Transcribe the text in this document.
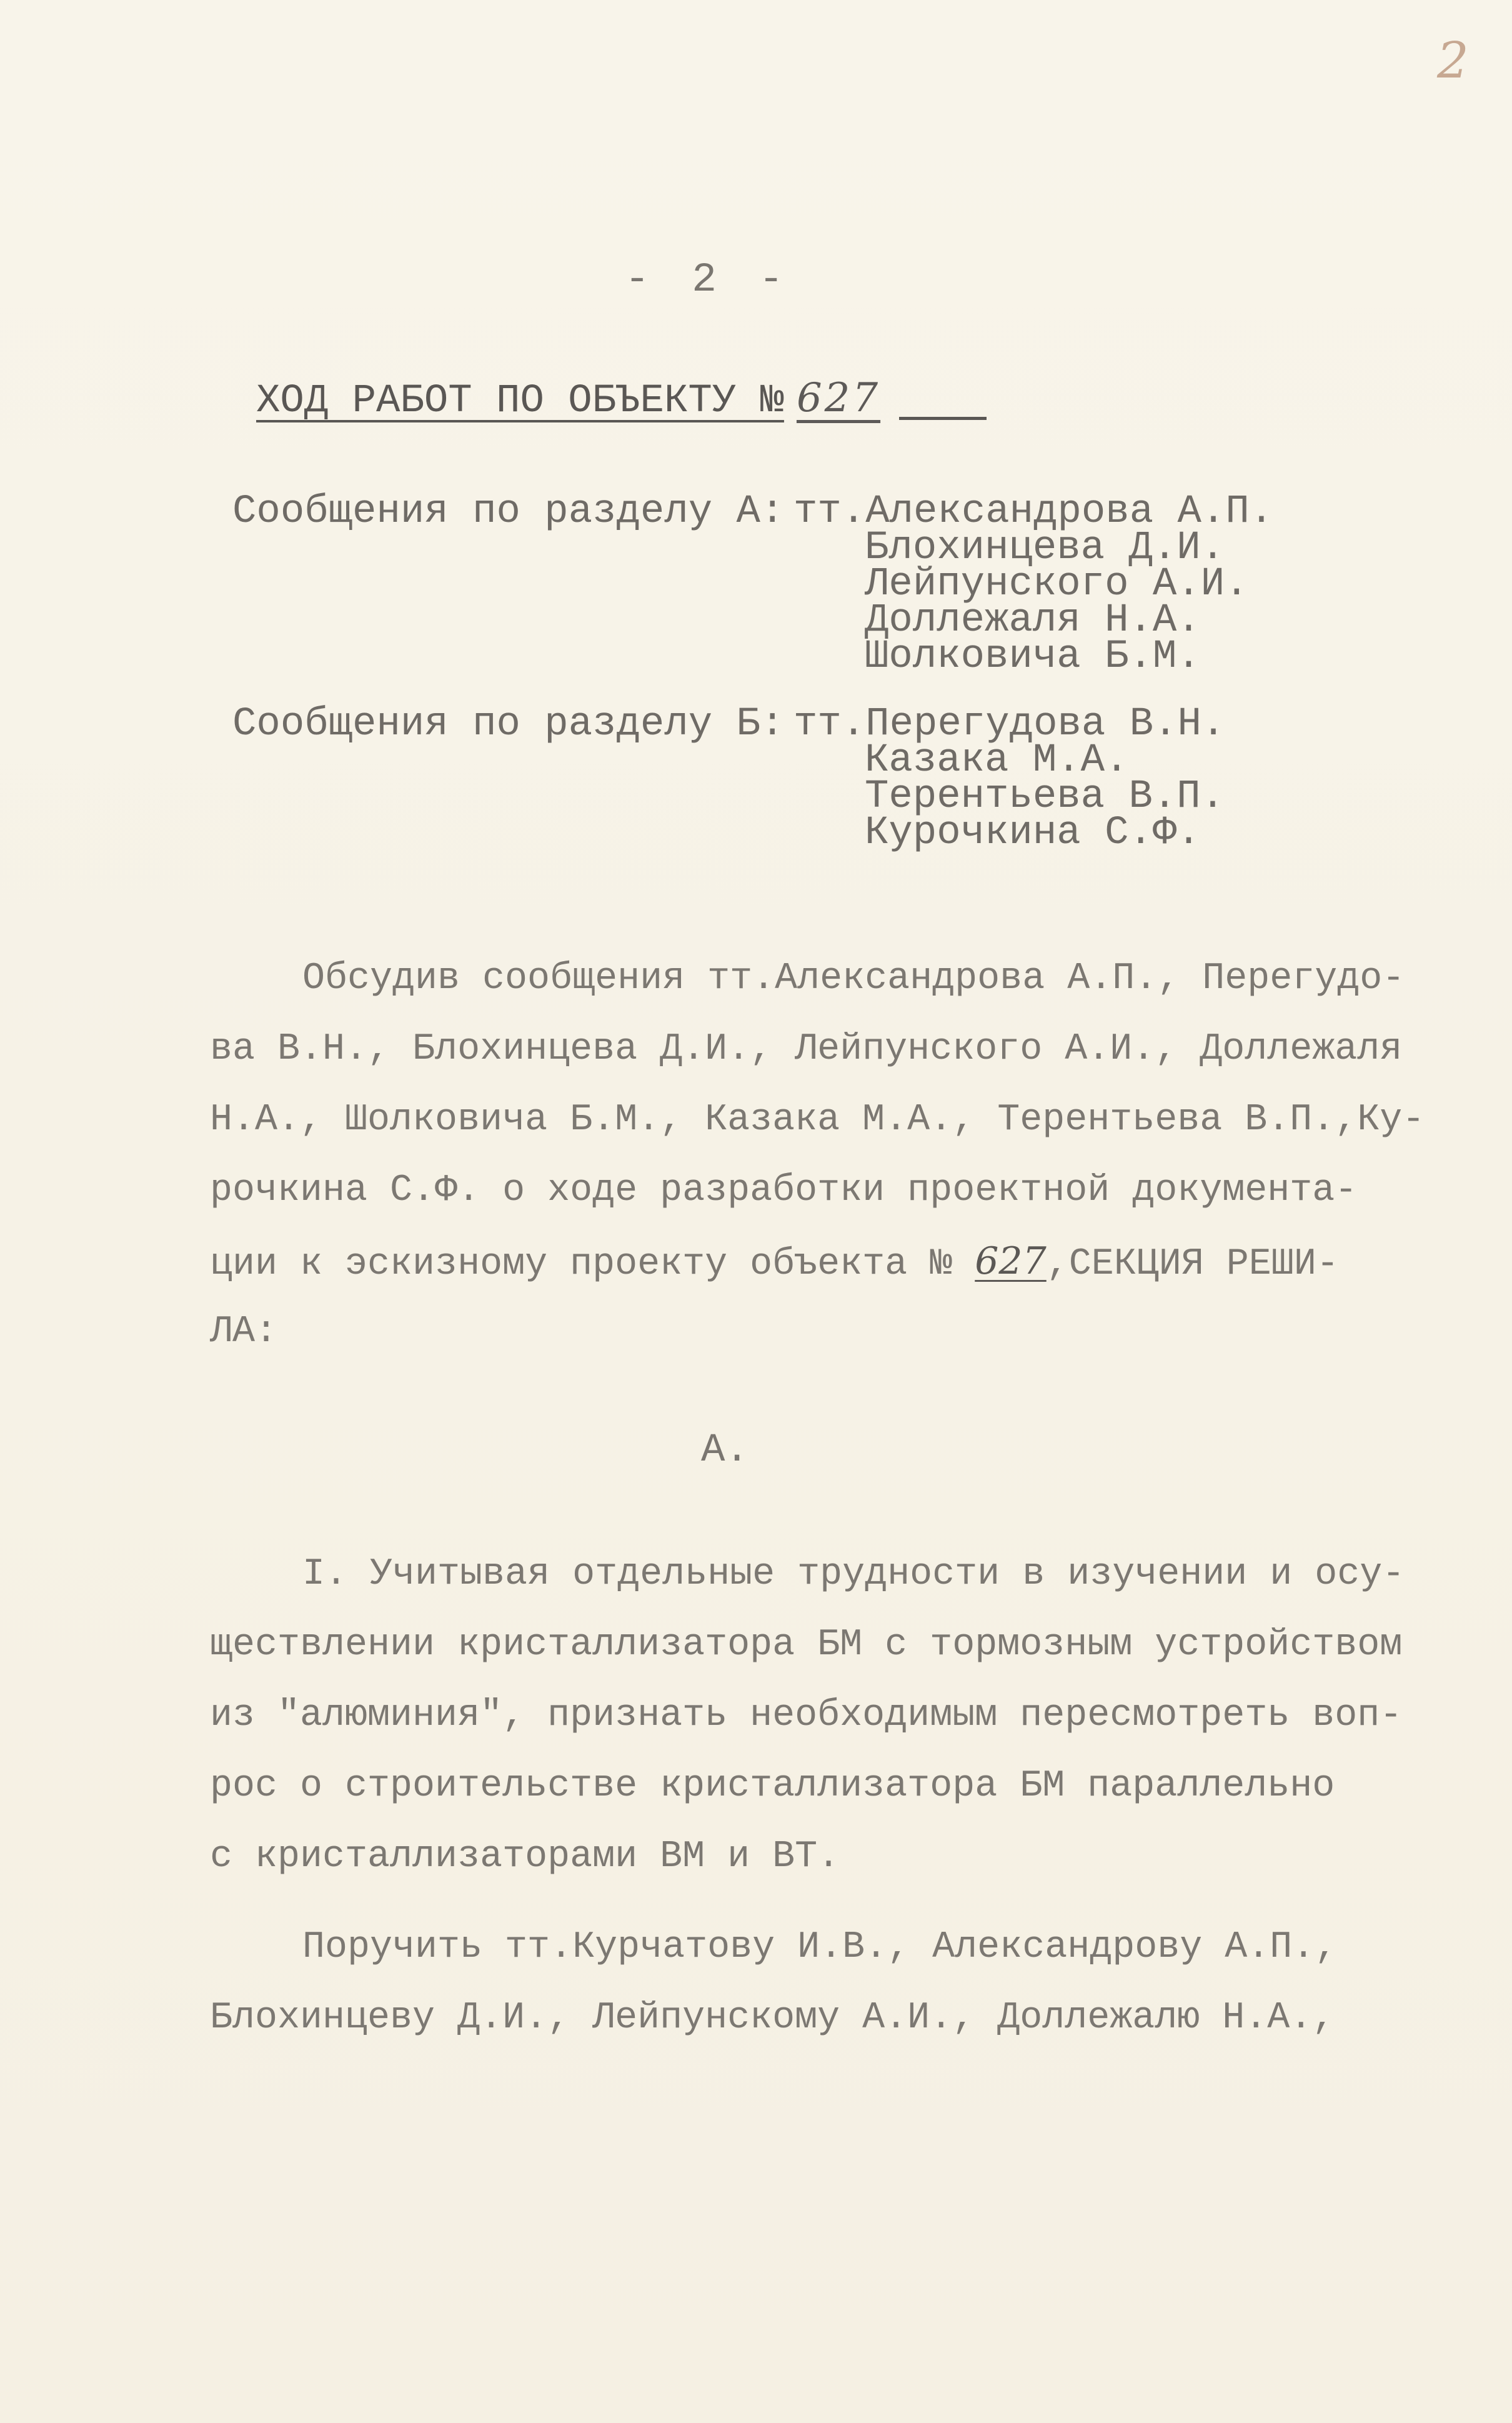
2
- 2 -
ХОД РАБОТ ПО ОБЪЕКТУ № 627
Сообщения по разделу А: тт.Александрова А.П.
Блохинцева Д.И.
Лейпунского А.И.
Доллежаля Н.А.
Шолковича Б.М.
Сообщения по разделу Б: тт.Перегудова В.Н.
Казака М.А.
Терентьева В.П.
Курочкина С.Ф.
Обсудив сообщения тт.Александрова А.П., Перегудо-
ва В.Н., Блохинцева Д.И., Лейпунского А.И., Доллежаля
Н.А., Шолковича Б.М., Казака М.А., Терентьева В.П.,Ку-
рочкина С.Ф. о ходе разработки проектной документа-
ции к эскизному проекту объекта № 627,СЕКЦИЯ РЕШИ-
ЛА:
А.
I. Учитывая отдельные трудности в изучении и осу-
ществлении кристаллизатора БМ с тормозным устройством
из "алюминия", признать необходимым пересмотреть воп-
рос о строительстве кристаллизатора БМ параллельно
с кристаллизаторами ВМ и ВТ.
Поручить тт.Курчатову И.В., Александрову А.П.,
Блохинцеву Д.И., Лейпунскому А.И., Доллежалю Н.А.,
